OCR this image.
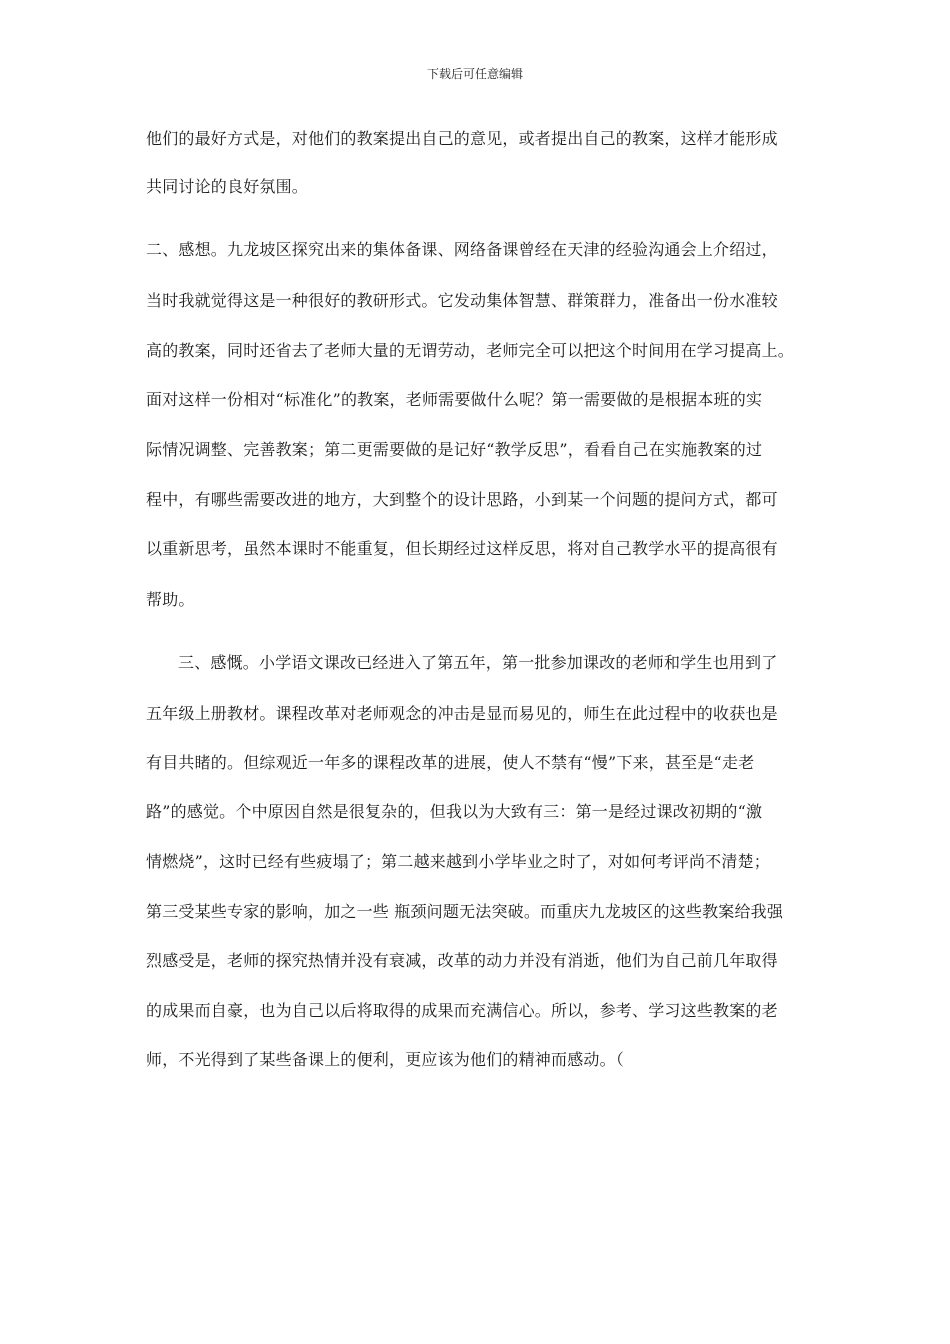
下载后可任意编辑
他们的最好方式是，对他们的教案提出自己的意见，或者提出自己的教案，这样才能形成
共同讨论的良好氛围。
二、感想。九龙坡区探究出来的集体备课、网络备课曾经在天津的经验沟通会上介绍过，
当时我就觉得这是一种很好的教研形式。它发动集体智慧、群策群力，准备出一份水准较
高的教案，同时还省去了老师大量的无谓劳动，老师完全可以把这个时间用在学习提高上。
面对这样一份相对“标准化”的教案，老师需要做什么呢？第一需要做的是根据本班的实
际情况调整、完善教案；第二更需要做的是记好“教学反思”，看看自己在实施教案的过
程中，有哪些需要改进的地方，大到整个的设计思路，小到某一个问题的提问方式，都可
以重新思考，虽然本课时不能重复，但长期经过这样反思，将对自己教学水平的提高很有
帮助。
三、感慨。小学语文课改已经进入了第五年，第一批参加课改的老师和学生也用到了
五年级上册教材。课程改革对老师观念的冲击是显而易见的，师生在此过程中的收获也是
有目共睹的。但综观近一年多的课程改革的进展，使人不禁有“慢”下来，甚至是“走老
路”的感觉。个中原因自然是很复杂的，但我以为大致有三：第一是经过课改初期的“激
情燃烧”，这时已经有些疲塌了；第二越来越到小学毕业之时了，对如何考评尚不清楚；
第三受某些专家的影响，加之一些 瓶颈问题无法突破。而重庆九龙坡区的这些教案给我强
烈感受是，老师的探究热情并没有衰减，改革的动力并没有消逝，他们为自己前几年取得
的成果而自豪，也为自己以后将取得的成果而充满信心。所以，参考、学习这些教案的老
师，不光得到了某些备课上的便利，更应该为他们的精神而感动。（
